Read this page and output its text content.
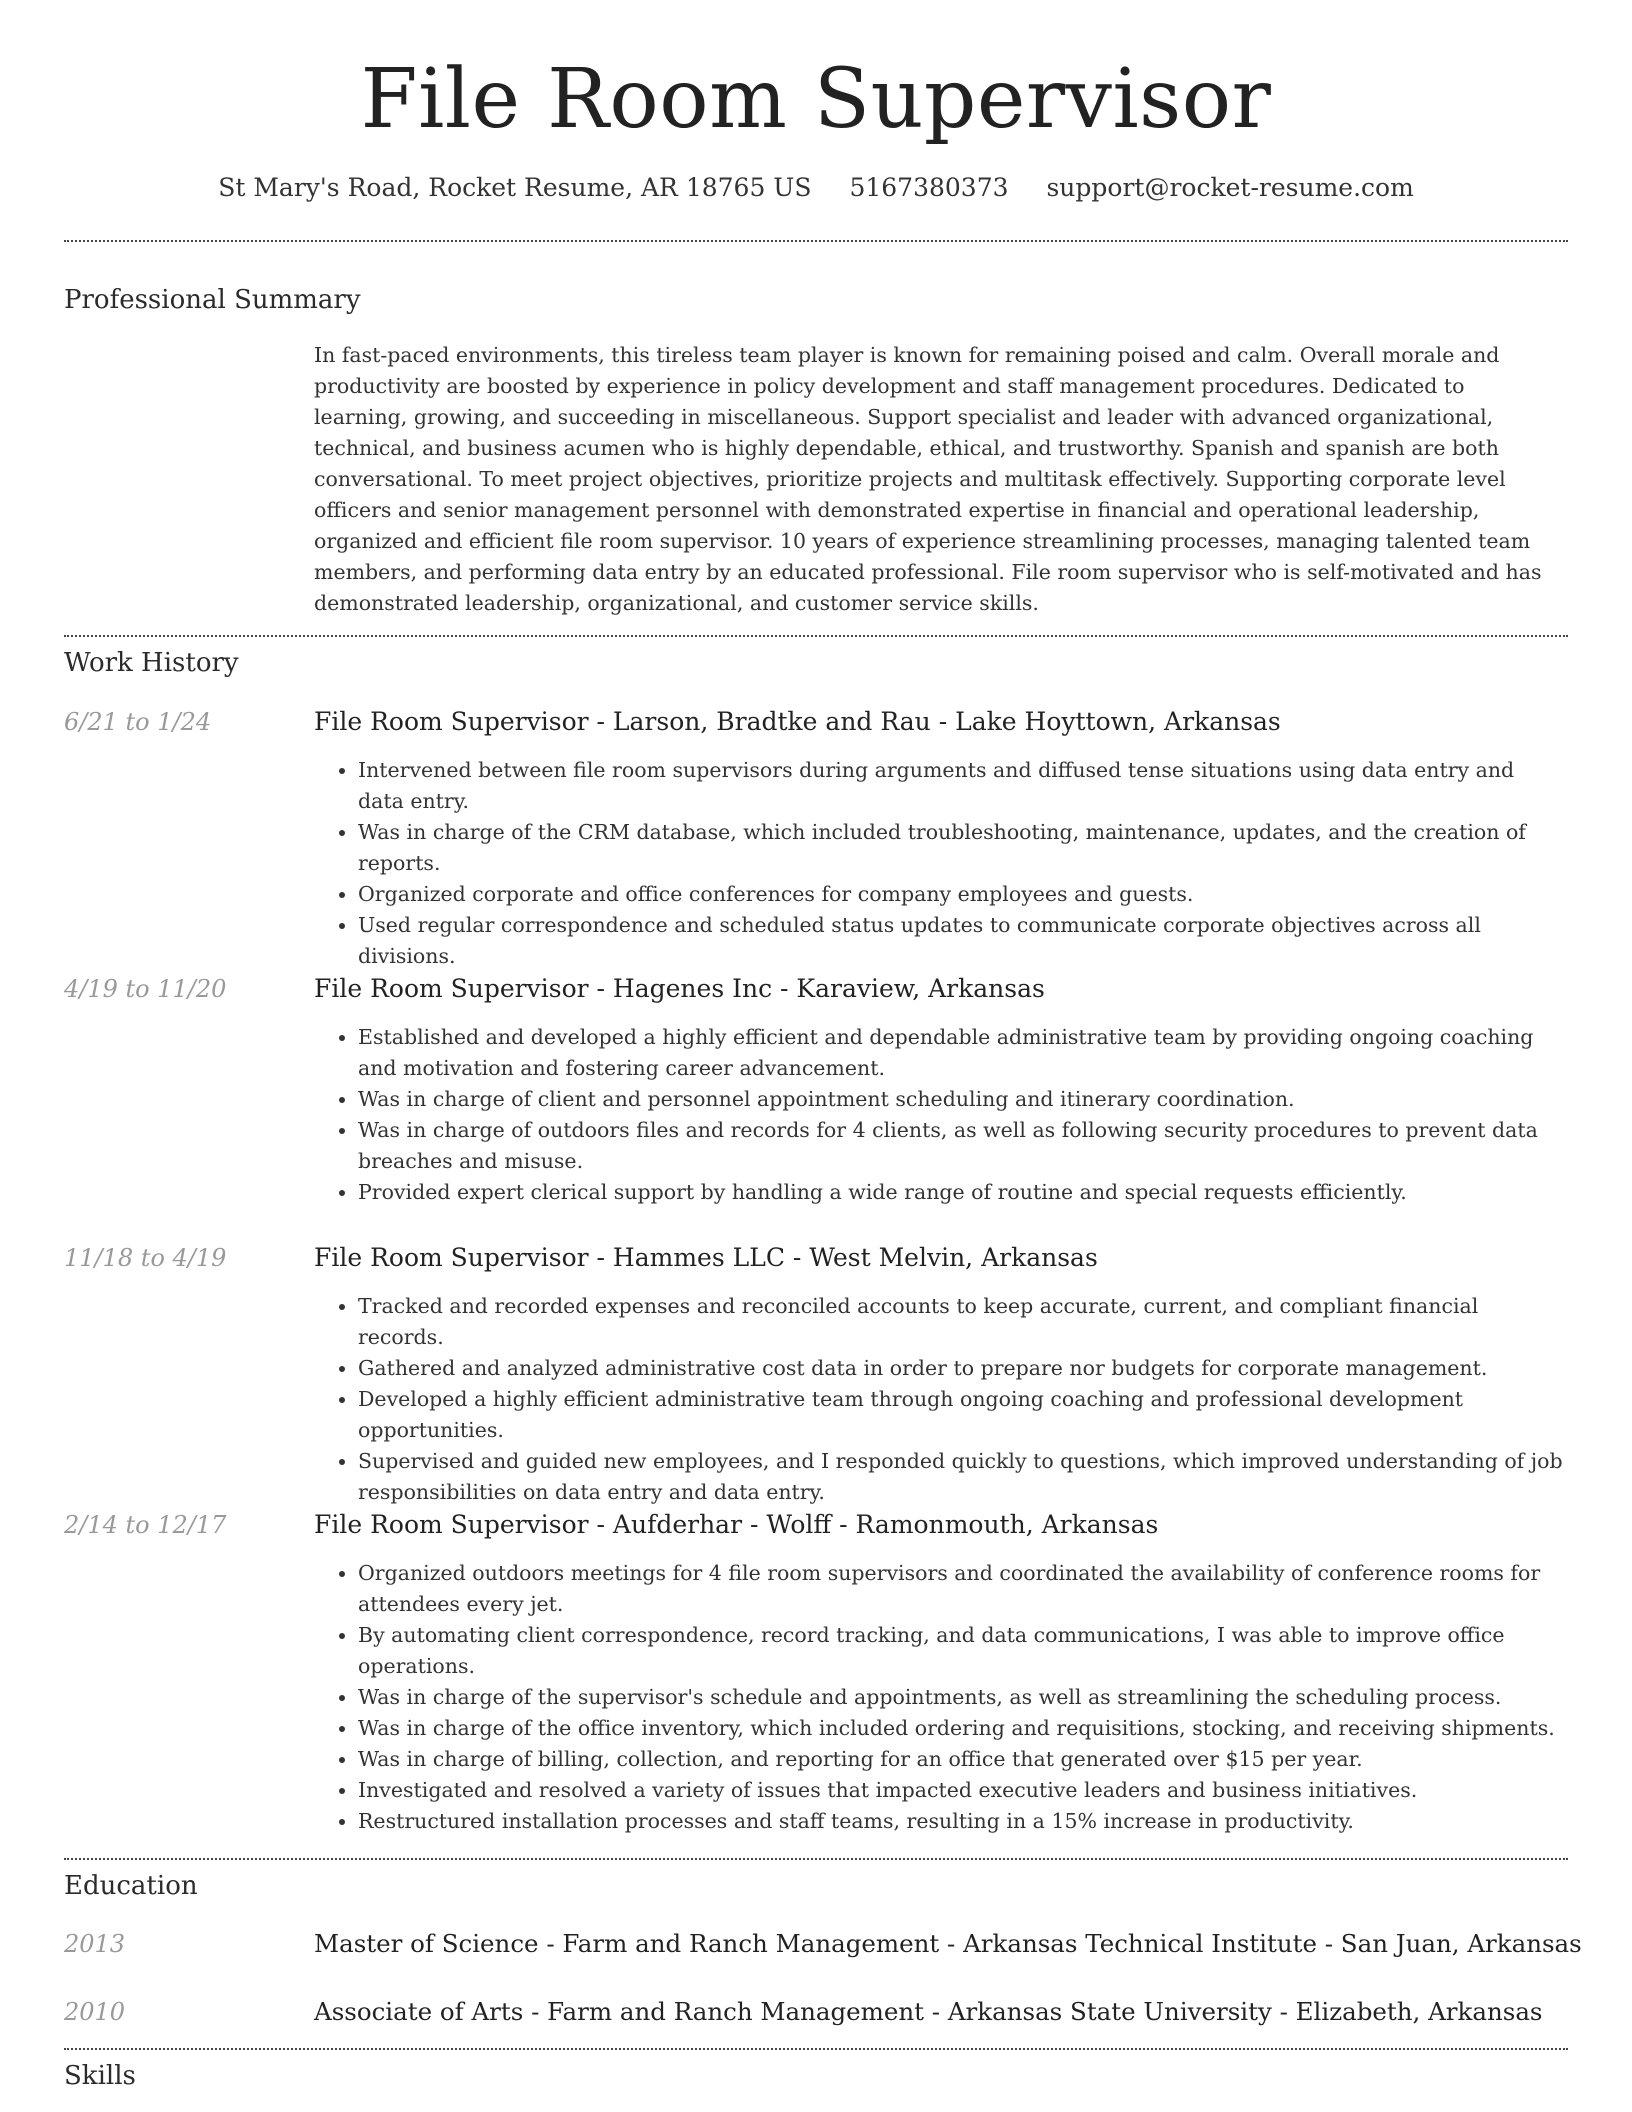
File Room Supervisor
St Mary's Road, Rocket Resume, AR 18765 US 5167380373 support@rocket-resume.com
Professional Summary

In fast-paced environments, this tireless team player is known for remaining poised and calm. Overall morale and productivity are boosted by experience in policy development and staff management procedures. Dedicated to learning, growing, and succeeding in miscellaneous. Support specialist and leader with advanced organizational, technical, and business acumen who is highly dependable, ethical, and trustworthy. Spanish and spanish are both conversational. To meet project objectives, prioritize projects and multitask effectively. Supporting corporate level officers and senior management personnel with demonstrated expertise in financial and operational leadership, organized and efficient file room supervisor. 10 years of experience streamlining processes, managing talented team members, and performing data entry by an educated professional. File room supervisor who is self-motivated and has demonstrated leadership, organizational, and customer service skills.

Work History
6/21 to 1/24	File Room Supervisor - Larson, Bradtke and Rau - Lake Hoyttown, Arkansas
• Intervened between file room supervisors during arguments and diffused tense situations using data entry and data entry.
• Was in charge of the CRM database, which included troubleshooting, maintenance, updates, and the creation of reports.
• Organized corporate and office conferences for company employees and guests.
• Used regular correspondence and scheduled status updates to communicate corporate objectives across all divisions.
4/19 to 11/20	File Room Supervisor - Hagenes Inc - Karaview, Arkansas
• Established and developed a highly efficient and dependable administrative team by providing ongoing coaching and motivation and fostering career advancement.
• Was in charge of client and personnel appointment scheduling and itinerary coordination.
• Was in charge of outdoors files and records for 4 clients, as well as following security procedures to prevent data breaches and misuse.
• Provided expert clerical support by handling a wide range of routine and special requests efficiently.
11/18 to 4/19	File Room Supervisor - Hammes LLC - West Melvin, Arkansas
• Tracked and recorded expenses and reconciled accounts to keep accurate, current, and compliant financial records.
• Gathered and analyzed administrative cost data in order to prepare nor budgets for corporate management.
• Developed a highly efficient administrative team through ongoing coaching and professional development opportunities.
• Supervised and guided new employees, and I responded quickly to questions, which improved understanding of job responsibilities on data entry and data entry.
2/14 to 12/17	File Room Supervisor - Aufderhar - Wolff - Ramonmouth, Arkansas
• Organized outdoors meetings for 4 file room supervisors and coordinated the availability of conference rooms for attendees every jet.
• By automating client correspondence, record tracking, and data communications, I was able to improve office operations.
• Was in charge of the supervisor's schedule and appointments, as well as streamlining the scheduling process.
• Was in charge of the office inventory, which included ordering and requisitions, stocking, and receiving shipments.
• Was in charge of billing, collection, and reporting for an office that generated over $15 per year.
• Investigated and resolved a variety of issues that impacted executive leaders and business initiatives.
• Restructured installation processes and staff teams, resulting in a 15% increase in productivity.
Education
2013	Master of Science - Farm and Ranch Management - Arkansas Technical Institute - San Juan, Arkansas
2010	Associate of Arts - Farm and Ranch Management - Arkansas State University - Elizabeth, Arkansas
Skills
